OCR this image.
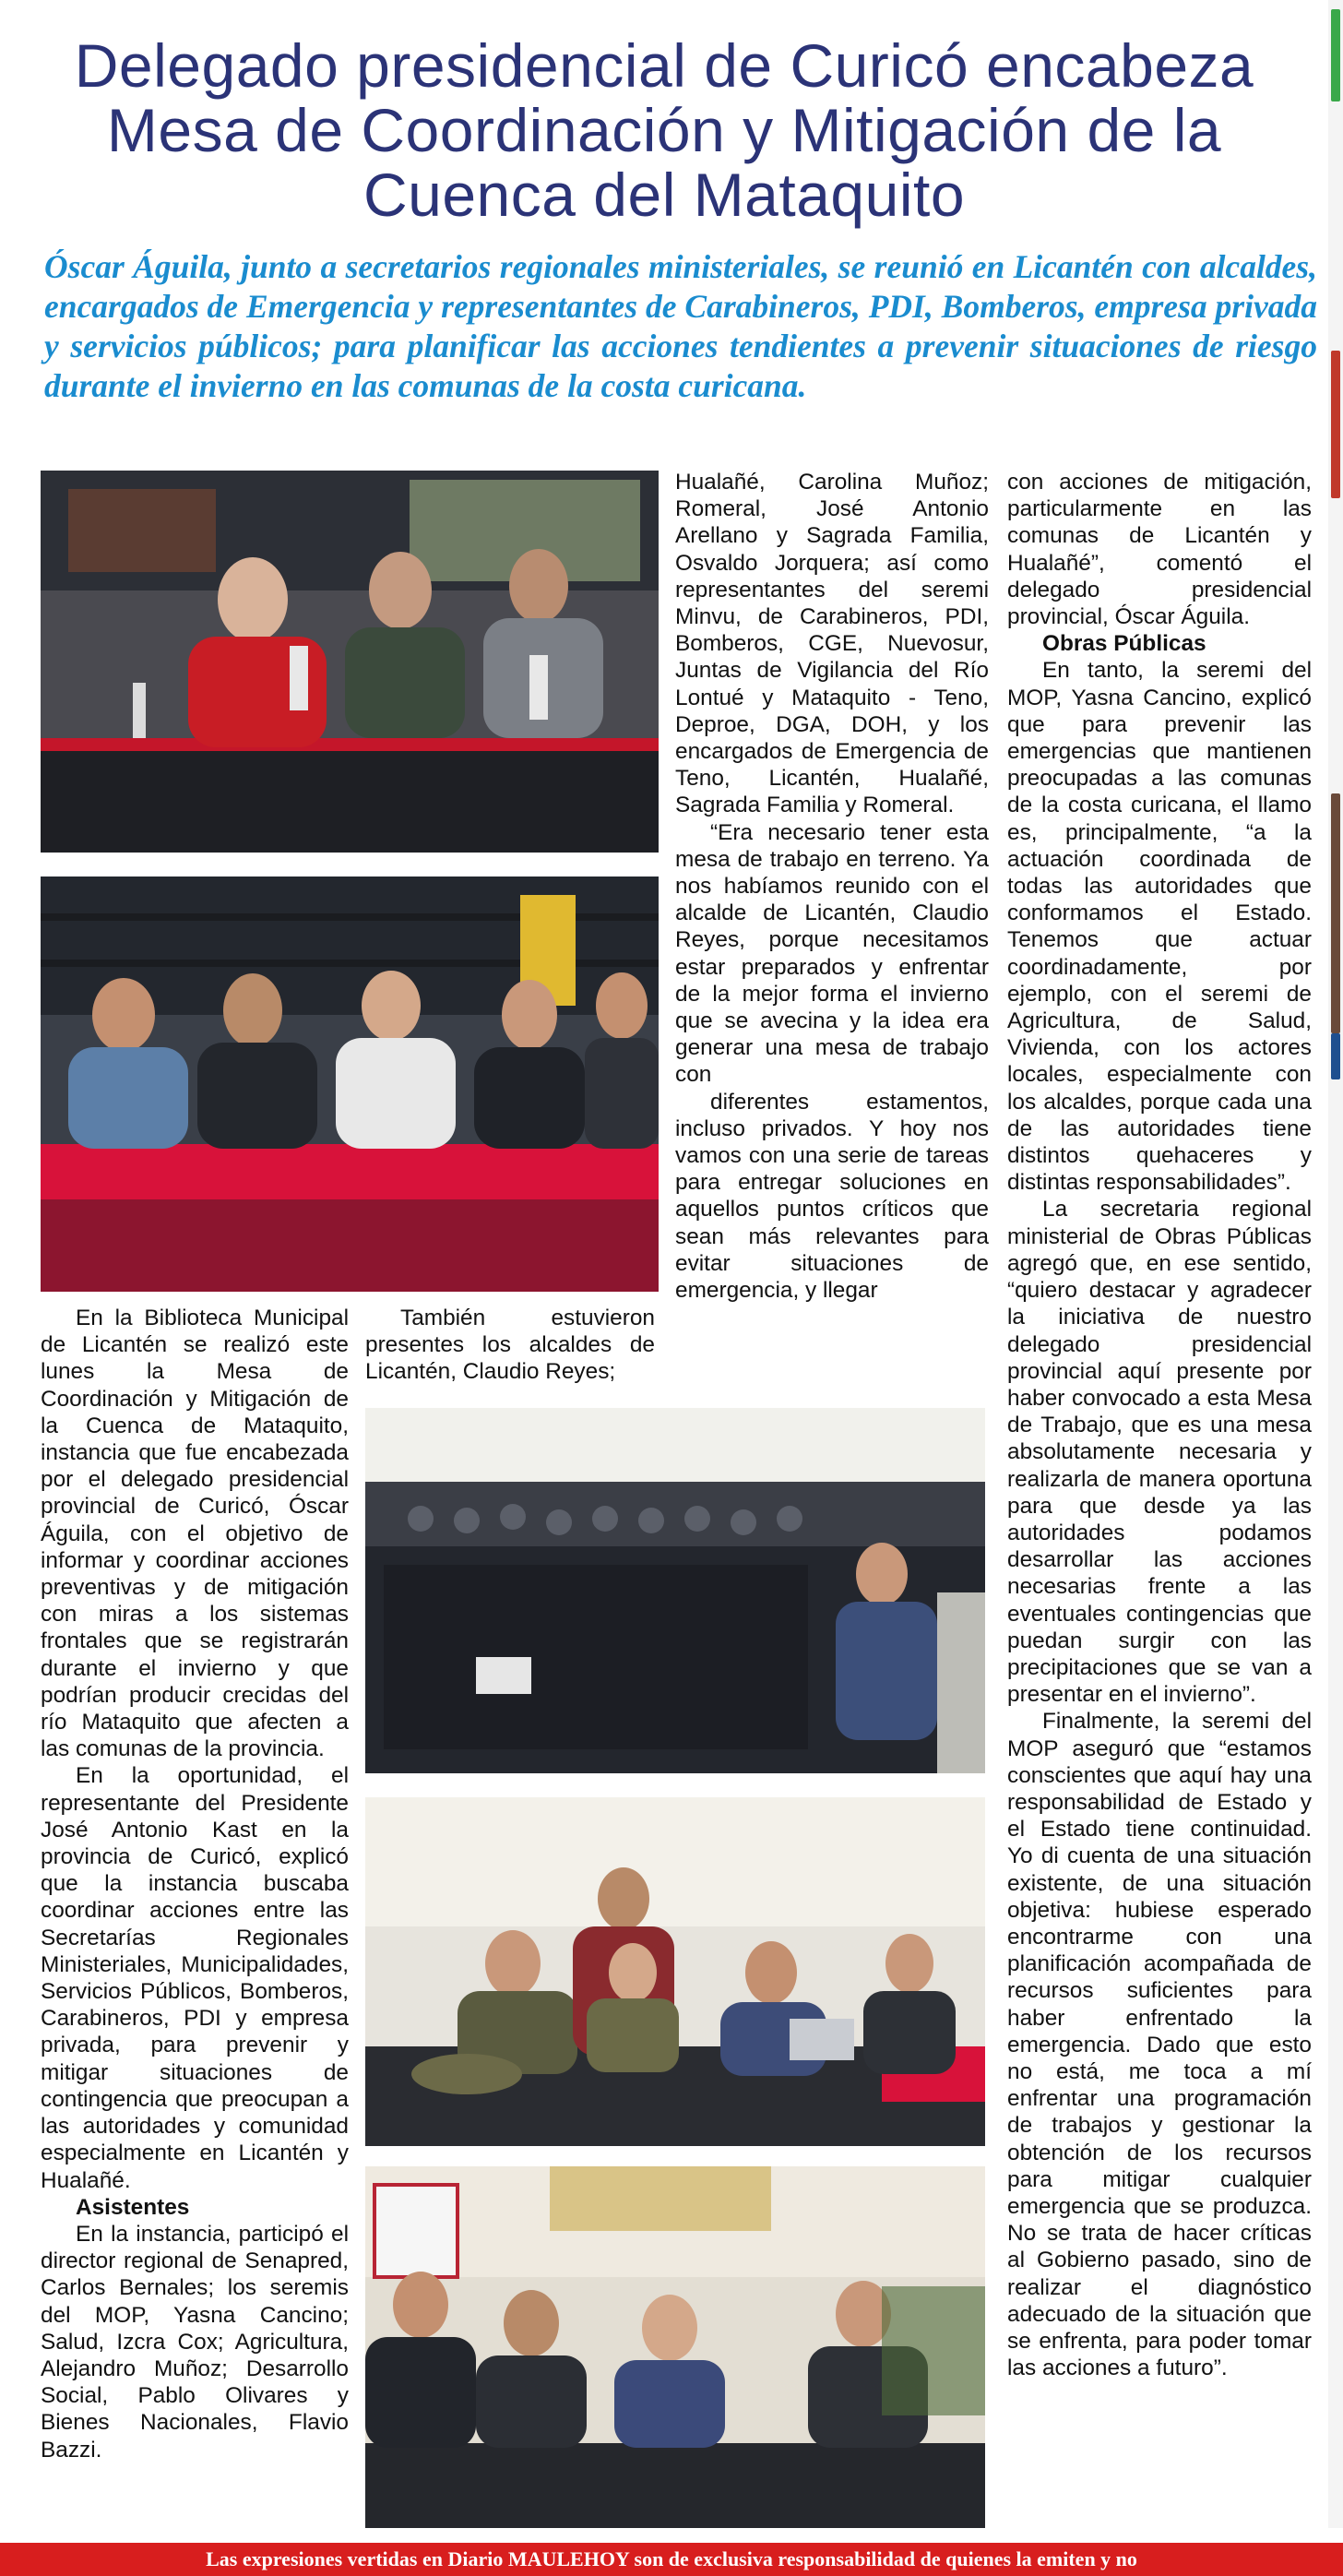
Delegado presidencial de Curicó encabeza
Mesa de Coordinación y Mitigación de la
Cuenca del Mataquito

Óscar Águila, junto a secretarios regionales ministeriales, se reunió en Licantén con alcaldes, encargados de Emergencia y representantes de Carabineros, PDI, Bomberos, empresa privada y servicios públicos; para planificar las acciones tendientes a prevenir situaciones de riesgo durante el invierno en las comunas de la costa curicana.

En la Biblioteca Municipal de Licantén se realizó este lunes la Mesa de Coordinación y Mitigación de la Cuenca de Mataquito, instancia que fue encabezada por el delegado presidencial provincial de Curicó, Óscar Águila, con el objetivo de informar y coordinar acciones preventivas y de mitigación con miras a los sistemas frontales que se registrarán durante el invierno y que podrían producir crecidas del río Mataquito que afecten a las comunas de la provincia.

En la oportunidad, el representante del Presidente José Antonio Kast en la provincia de Curicó, explicó que la instancia buscaba coordinar acciones entre las Secretarías Regionales Ministeriales, Municipalidades, Servicios Públicos, Bomberos, Carabineros, PDI y empresa privada, para prevenir y mitigar situaciones de contingencia que preocupan a las autoridades y comunidad especialmente en Licantén y Hualañé.

Asistentes

En la instancia, participó el director regional de Senapred, Carlos Bernales; los seremis del MOP, Yasna Cancino; Salud, Izcra Cox; Agricultura, Alejandro Muñoz; Desarrollo Social, Pablo Olivares y Bienes Nacionales, Flavio Bazzi.

También estuvieron presentes los alcaldes de Licantén, Claudio Reyes;

Hualañé, Carolina Muñoz; Romeral, José Antonio Arellano y Sagrada Familia, Osvaldo Jorquera; así como representantes del seremi Minvu, de Carabineros, PDI, Bomberos, CGE, Nuevosur, Juntas de Vigilancia del Río Lontué y Mataquito - Teno, Deproe, DGA, DOH, y los encargados de Emergencia de Teno, Licantén, Hualañé, Sagrada Familia y Romeral.

“Era necesario tener esta mesa de trabajo en terreno. Ya nos habíamos reunido con el alcalde de Licantén, Claudio Reyes, porque necesitamos estar preparados y enfrentar de la mejor forma el invierno que se avecina y la idea era generar una mesa de trabajo con

diferentes estamentos, incluso privados. Y hoy nos vamos con una serie de tareas para entregar soluciones en aquellos puntos críticos que sean más relevantes para evitar situaciones de emergencia, y llegar

con acciones de mitigación, particularmente en las comunas de Licantén y Hualañé”, comentó el delegado presidencial provincial, Óscar Águila.

Obras Públicas

En tanto, la seremi del MOP, Yasna Cancino, explicó que para prevenir las emergencias que mantienen preocupadas a las comunas de la costa curicana, el llamo es, principalmente, “a la actuación coordinada de todas las autoridades que conformamos el Estado. Tenemos que actuar coordinadamente, por ejemplo, con el seremi de Agricultura, de Salud, Vivienda, con los actores locales, especialmente con los alcaldes, porque cada una de las autoridades tiene distintos quehaceres y distintas responsabilidades”.

La secretaria regional ministerial de Obras Públicas agregó que, en ese sentido, “quiero destacar y agradecer la iniciativa de nuestro delegado presidencial provincial aquí presente por haber convocado a esta Mesa de Trabajo, que es una mesa absolutamente necesaria y realizarla de manera oportuna para que desde ya las autoridades podamos desarrollar las acciones necesarias frente a las eventuales contingencias que puedan surgir con las precipitaciones que se van a presentar en el invierno”.

Finalmente, la seremi del MOP aseguró que “estamos conscientes que aquí hay una responsabilidad de Estado y el Estado tiene continuidad. Yo di cuenta de una situación existente, de una situación objetiva: hubiese esperado encontrarme con una planificación acompañada de recursos suficientes para haber enfrentado la emergencia. Dado que esto no está, me toca a mí enfrentar una programación de trabajos y gestionar la obtención de los recursos para mitigar cualquier emergencia que se produzca. No se trata de hacer críticas al Gobierno pasado, sino de realizar el diagnóstico adecuado de la situación que se enfrenta, para poder tomar las acciones a futuro”.

Las expresiones vertidas en Diario MAULEHOY son de exclusiva responsabilidad de quienes la emiten y no
